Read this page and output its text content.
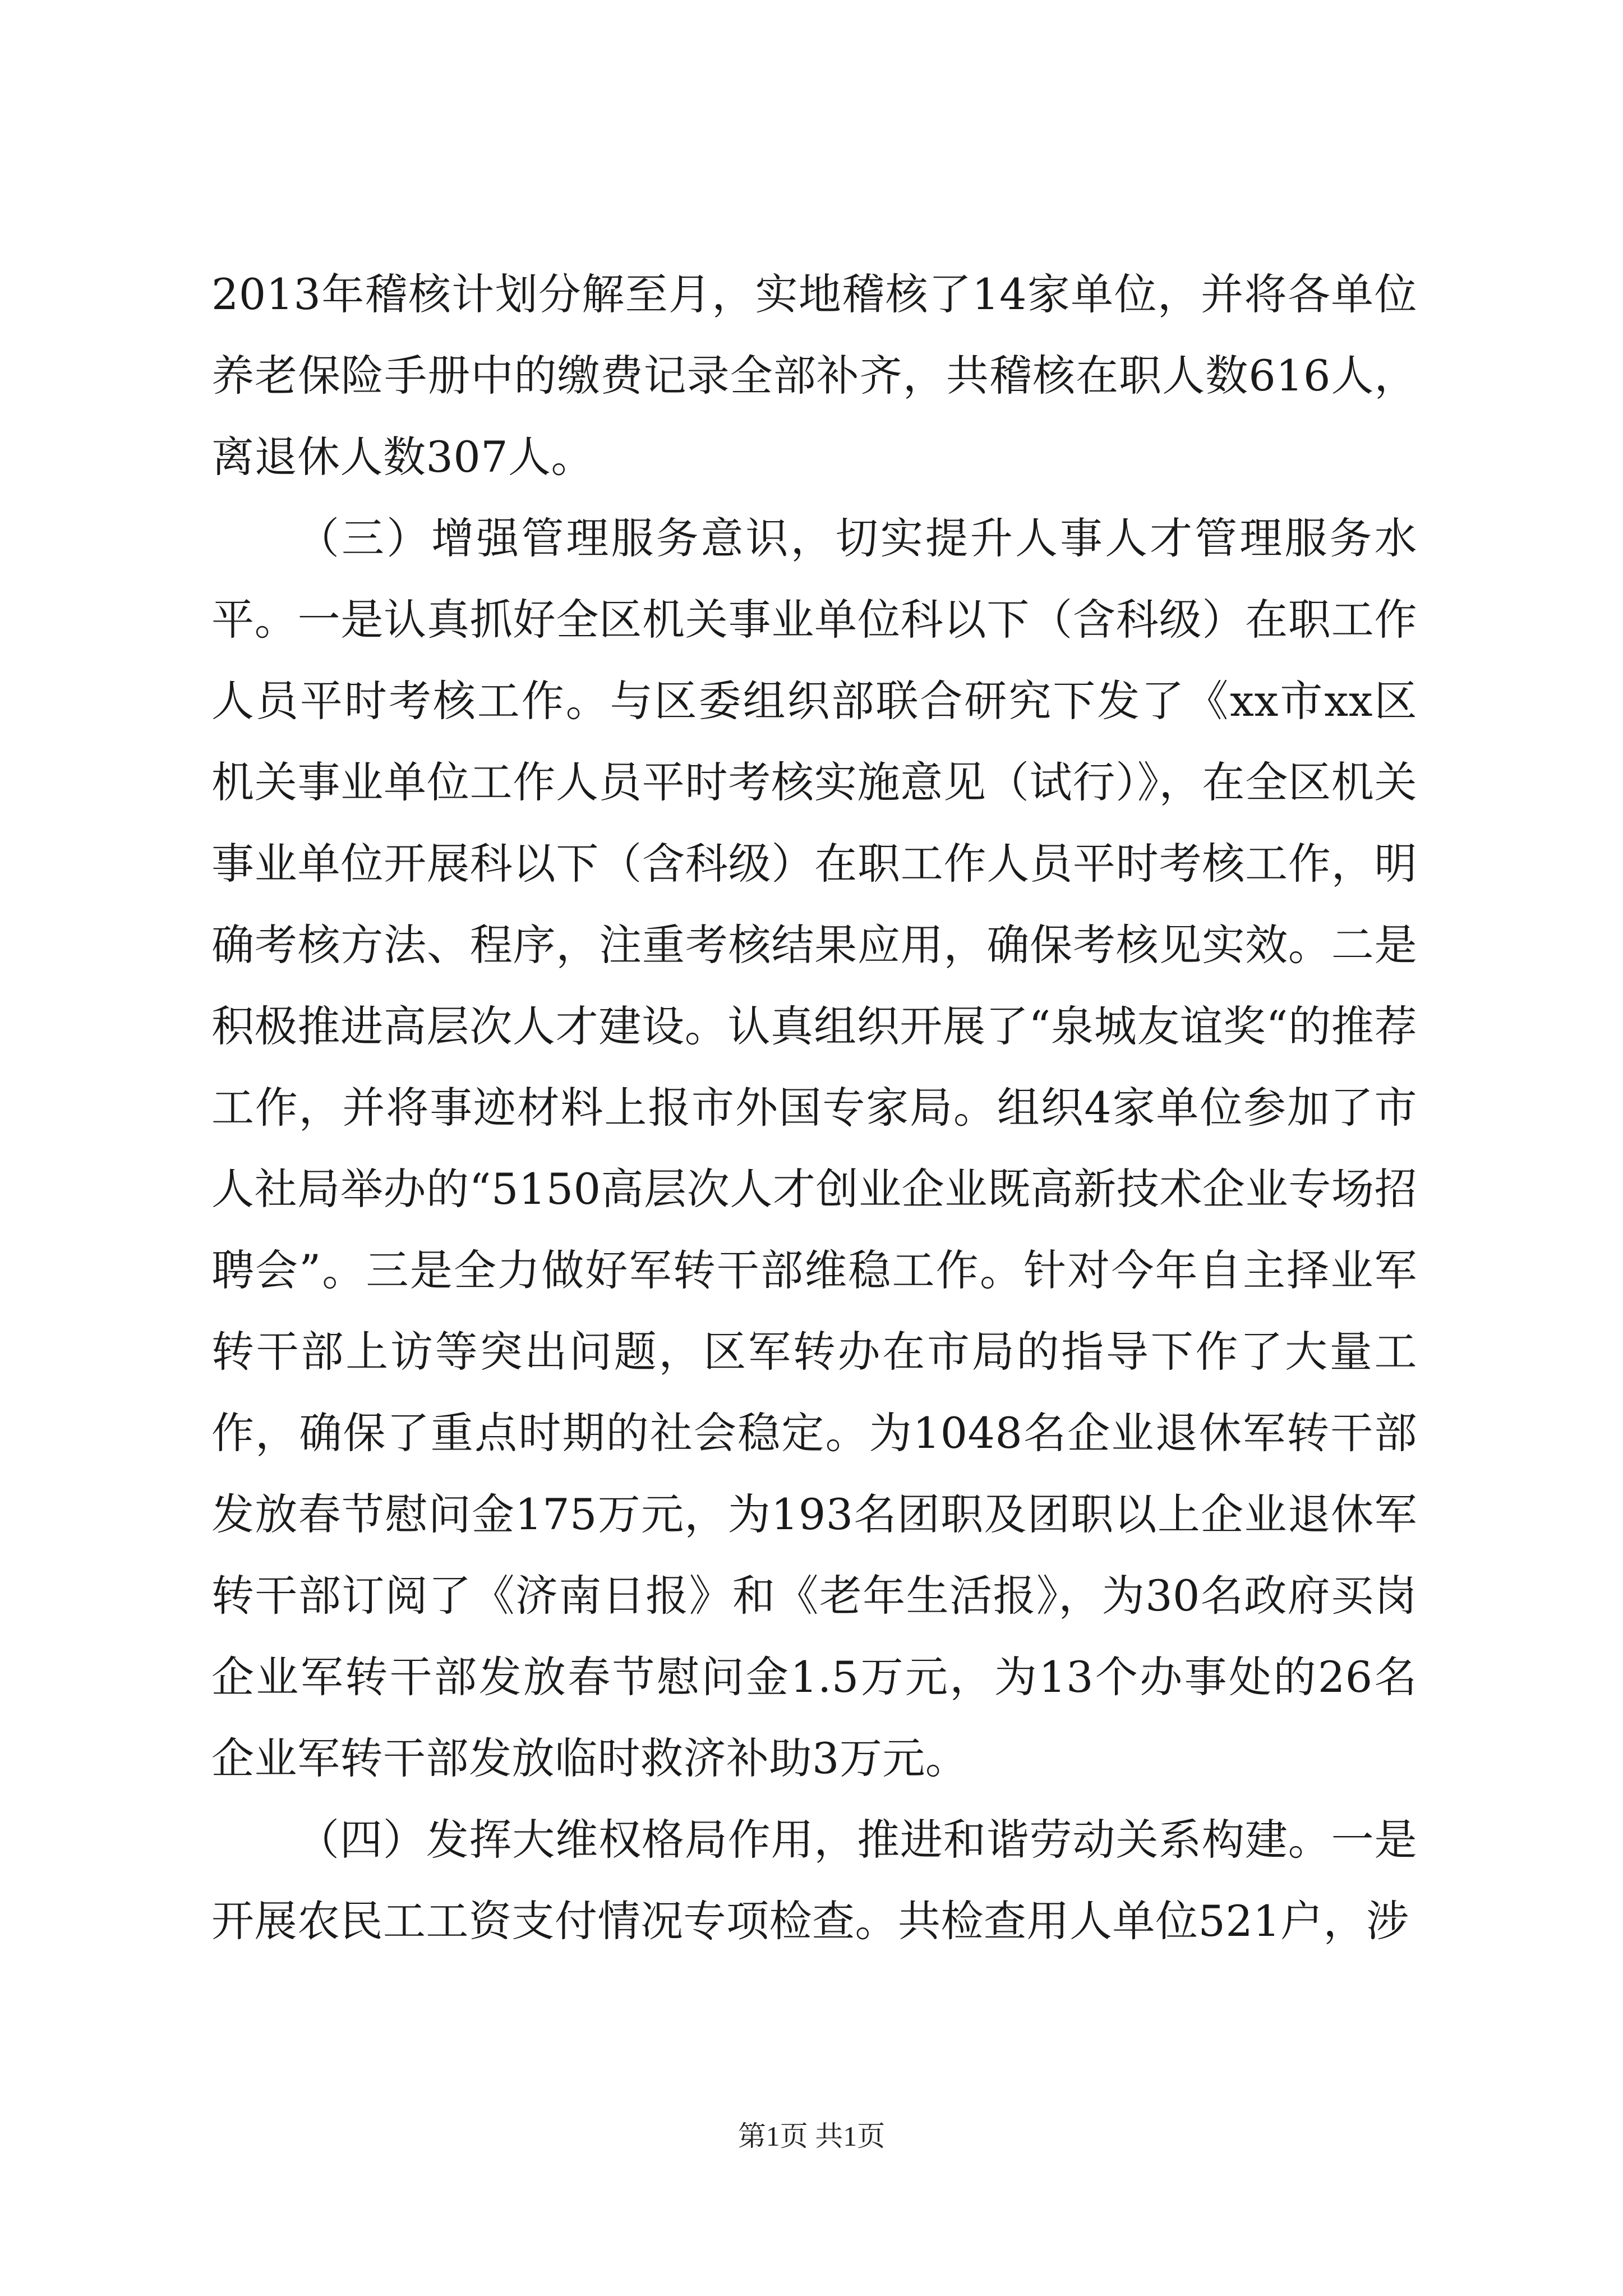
2013年稽核计划分解至月，实地稽核了14家单位，并将各单位养老保险手册中的缴费记录全部补齐，共稽核在职人数616人，离退休人数307人。

（三）增强管理服务意识，切实提升人事人才管理服务水平。一是认真抓好全区机关事业单位科以下（含科级）在职工作人员平时考核工作。与区委组织部联合研究下发了《xx市xx区机关事业单位工作人员平时考核实施意见（试行）》，在全区机关事业单位开展科以下（含科级）在职工作人员平时考核工作，明确考核方法、程序，注重考核结果应用，确保考核见实效。二是积极推进高层次人才建设。认真组织开展了“泉城友谊奖“的推荐工作，并将事迹材料上报市外国专家局。组织4家单位参加了市人社局举办的“5150高层次人才创业企业既高新技术企业专场招聘会”。三是全力做好军转干部维稳工作。针对今年自主择业军转干部上访等突出问题，区军转办在市局的指导下作了大量工作，确保了重点时期的社会稳定。为1048名企业退休军转干部发放春节慰问金175万元，为193名团职及团职以上企业退休军转干部订阅了《济南日报》和《老年生活报》，为30名政府买岗企业军转干部发放春节慰问金1.5万元，为13个办事处的26名企业军转干部发放临时救济补助3万元。

（四）发挥大维权格局作用，推进和谐劳动关系构建。一是开展农民工工资支付情况专项检查。共检查用人单位521户，涉

第1页 共1页
